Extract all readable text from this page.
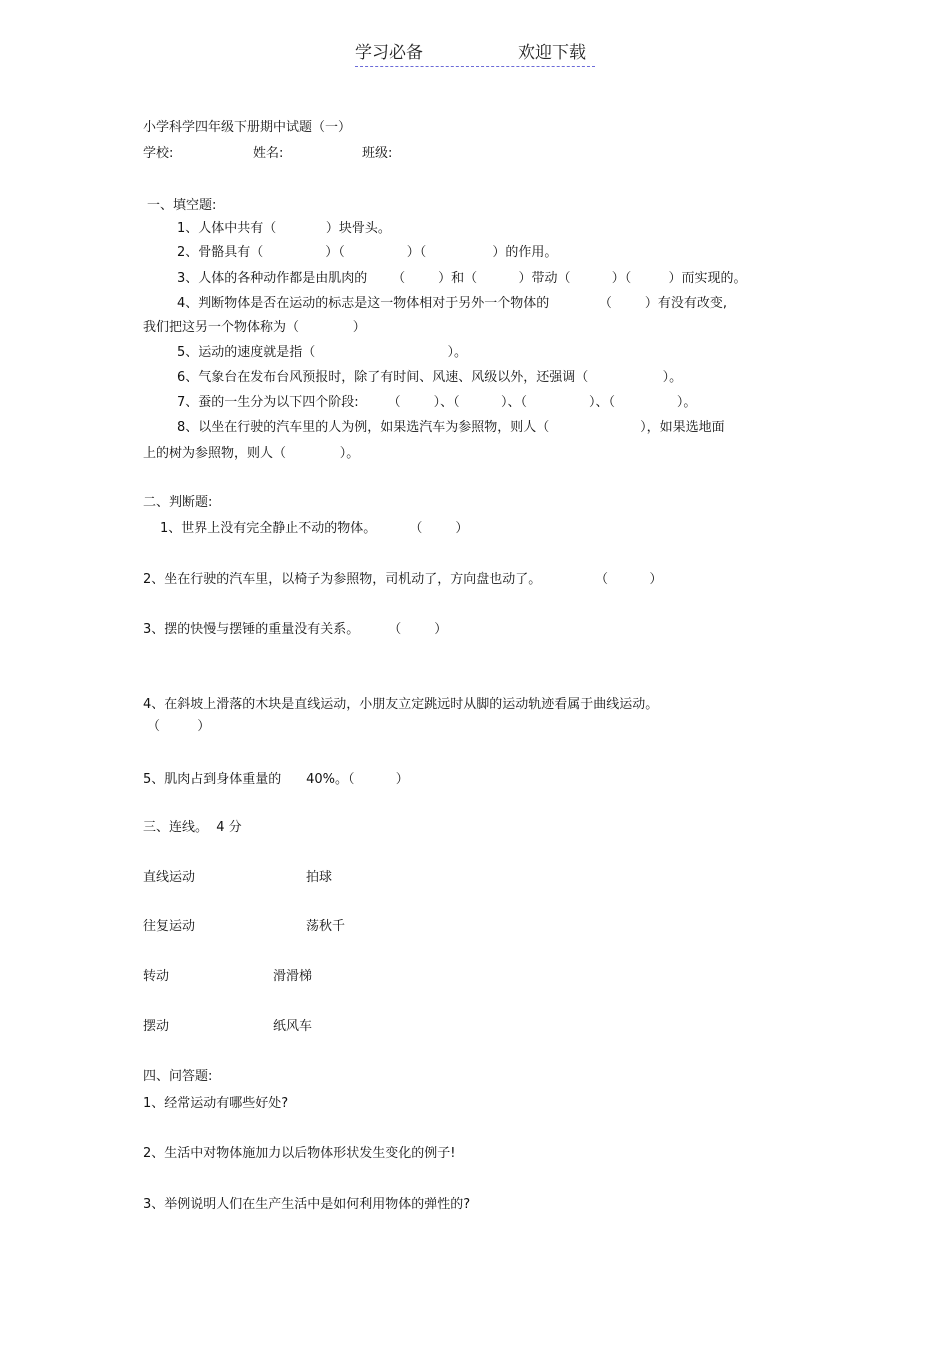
学习必备	欢迎下载
小学科学四年级下册期中试题（一）
学校:	姓名:	班级:
一、填空题:
1、人体中共有（            ）块骨头。
2、骨骼具有（               ）（               ）（                ）的作用。
3、人体的各种动作都是由肌肉的      （        ）和（          ）带动（          ）（         ）而实现的。
4、判断物体是否在运动的标志是这一物体相对于另外一个物体的            （        ）有没有改变,
我们把这另一个物体称为（             ）
5、运动的速度就是指（                                ）。
6、气象台在发布台风预报时，除了有时间、风速、风级以外，还强调（                  ）。
7、蚕的一生分为以下四个阶段:       （        ）、（          ）、（               ）、（               ）。
8、以坐在行驶的汽车里的人为例，如果选汽车为参照物，则人（                      ），如果选地面
上的树为参照物，则人（             ）。
二、判断题:
1、世界上没有完全静止不动的物体。        （        ）
2、坐在行驶的汽车里，以椅子为参照物，司机动了，方向盘也动了。             （          ）
3、摆的快慢与摆锤的重量没有关系。       （        ）
4、在斜坡上滑落的木块是直线运动，小朋友立定跳远时从脚的运动轨迹看属于曲线运动。
（         ）
5、肌肉占到身体重量的      40%。（          ）
三、连线。  4 分
直线运动	拍球
往复运动	荡秋千
转动	滑滑梯
摆动	纸风车
四、问答题:
1、经常运动有哪些好处?
2、生活中对物体施加力以后物体形状发生变化的例子!
3、举例说明人们在生产生活中是如何利用物体的弹性的?
